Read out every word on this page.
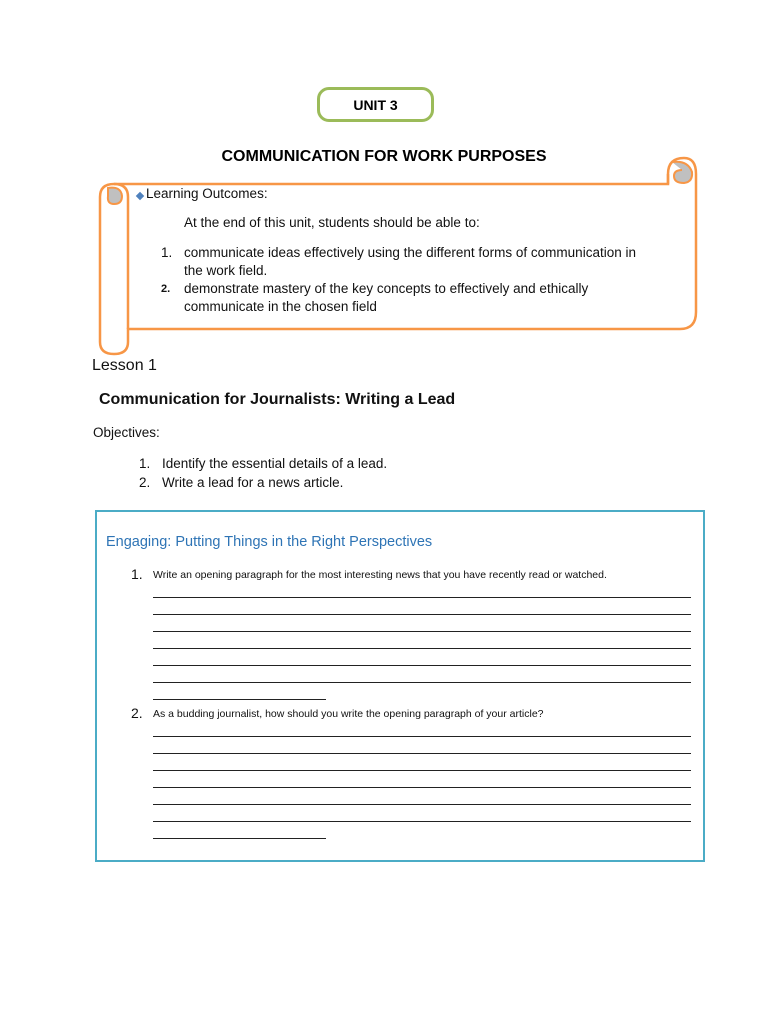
UNIT 3
COMMUNICATION FOR WORK PURPOSES
Learning Outcomes:
At the end of this unit, students should be able to:
1. communicate ideas effectively using the different forms of communication in
the work field.
2.	demonstrate mastery of the key concepts to effectively and ethically
communicate in the chosen field
Lesson 1
Communication for Journalists: Writing a Lead
Objectives:
1. Identify the essential details of a lead.
2. Write a lead for a news article.
Engaging: Putting Things in the Right Perspectives
1. Write an opening paragraph for the most interesting news that you have recently read or watched.
2. As a budding journalist, how should you write the opening paragraph of your article?
